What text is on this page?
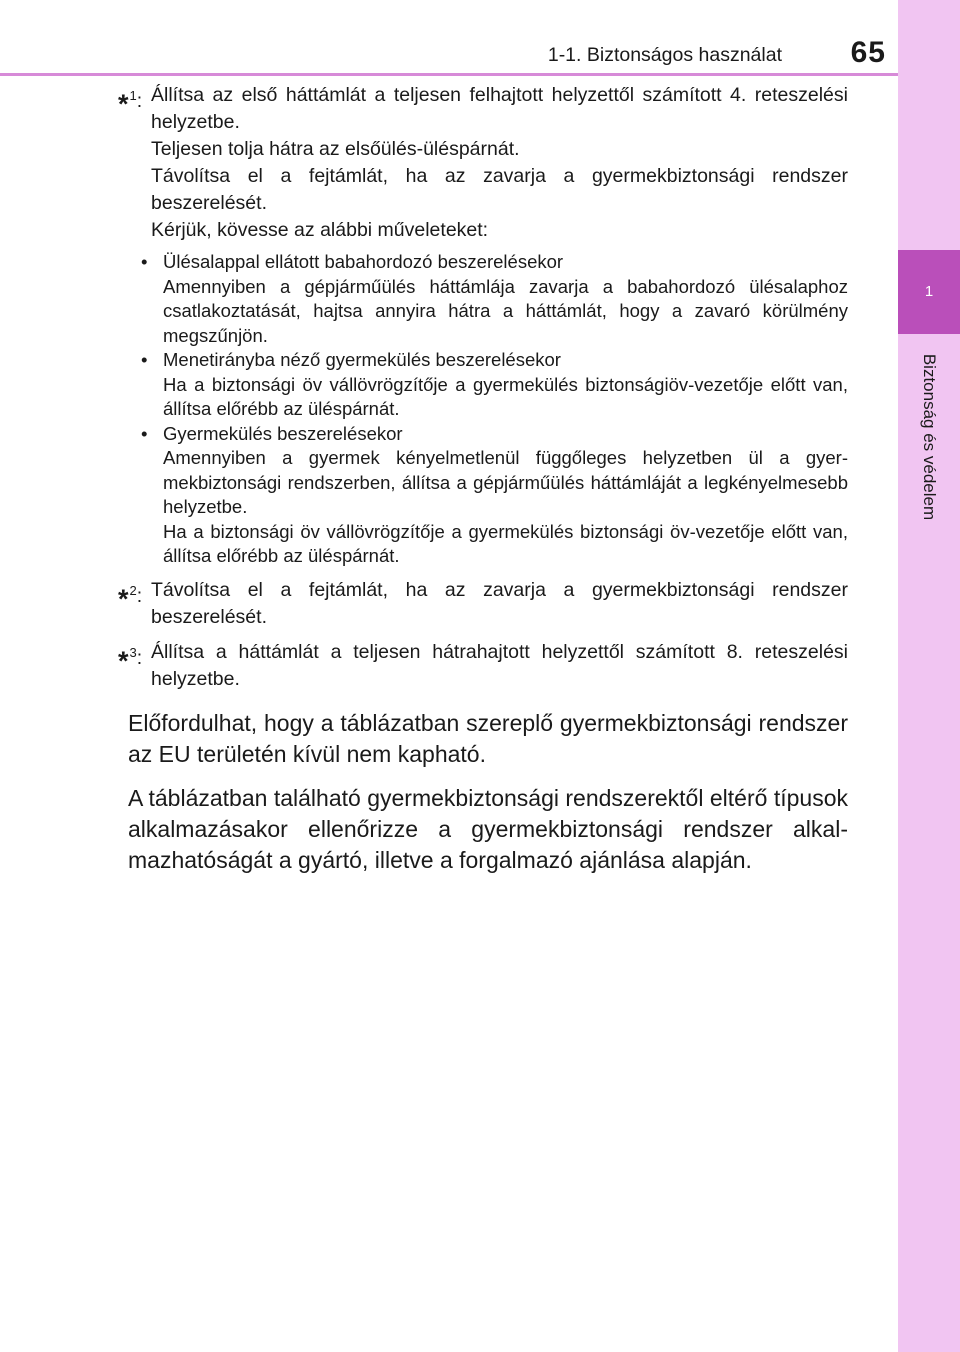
1-1. Biztonságos használat	65
1
Biztonság és védelem
*$^1$: Állítsa az első háttámlát a teljesen felhajtott helyzettől számított 4. reteszelési helyzetbe.

Teljesen tolja hátra az elsőülés-üléspárnát.

Távolítsa el a fejtámlát, ha az zavarja a gyermekbiztonsági rendszer beszerelését.

Kérjük, kövesse az alábbi műveleteket:

• Ülésalappal ellátott babahordozó beszerelésekor

Amennyiben a gépjárműülés háttámlája zavarja a babahordozó ülésalaphoz csatlakoztatását, hajtsa annyira hátra a háttámlát, hogy a zavaró körülmény megszűnjön.

• Menetirányba néző gyermekülés beszerelésekor

Ha a biztonsági öv vállövrögzítője a gyermekülés biztonságiöv-vezetője előtt van, állítsa előrébb az üléspárnát.

• Gyermekülés beszerelésekor

Amennyiben a gyermek kényelmetlenül függőleges helyzetben ül a gyermekbiztonsági rendszerben, állítsa a gépjárműülés háttámláját a legkényelmesebb helyzetbe.

Ha a biztonsági öv vállövrögzítője a gyermekülés biztonsági öv-vezetője előtt van, állítsa előrébb az üléspárnát.

*$^2$: Távolítsa el a fejtámlát, ha az zavarja a gyermekbiztonsági rendszer beszerelését.

*$^3$: Állítsa a háttámlát a teljesen hátrahajtott helyzettől számított 8. reteszelési helyzetbe.

Előfordulhat, hogy a táblázatban szereplő gyermekbiztonsági rendszer az EU területén kívül nem kapható.

A táblázatban található gyermekbiztonsági rendszerektől eltérő típusok alkalmazásakor ellenőrizze a gyermekbiztonsági rendszer alkalmazhatóságát a gyártó, illetve a forgalmazó ajánlása alapján.
